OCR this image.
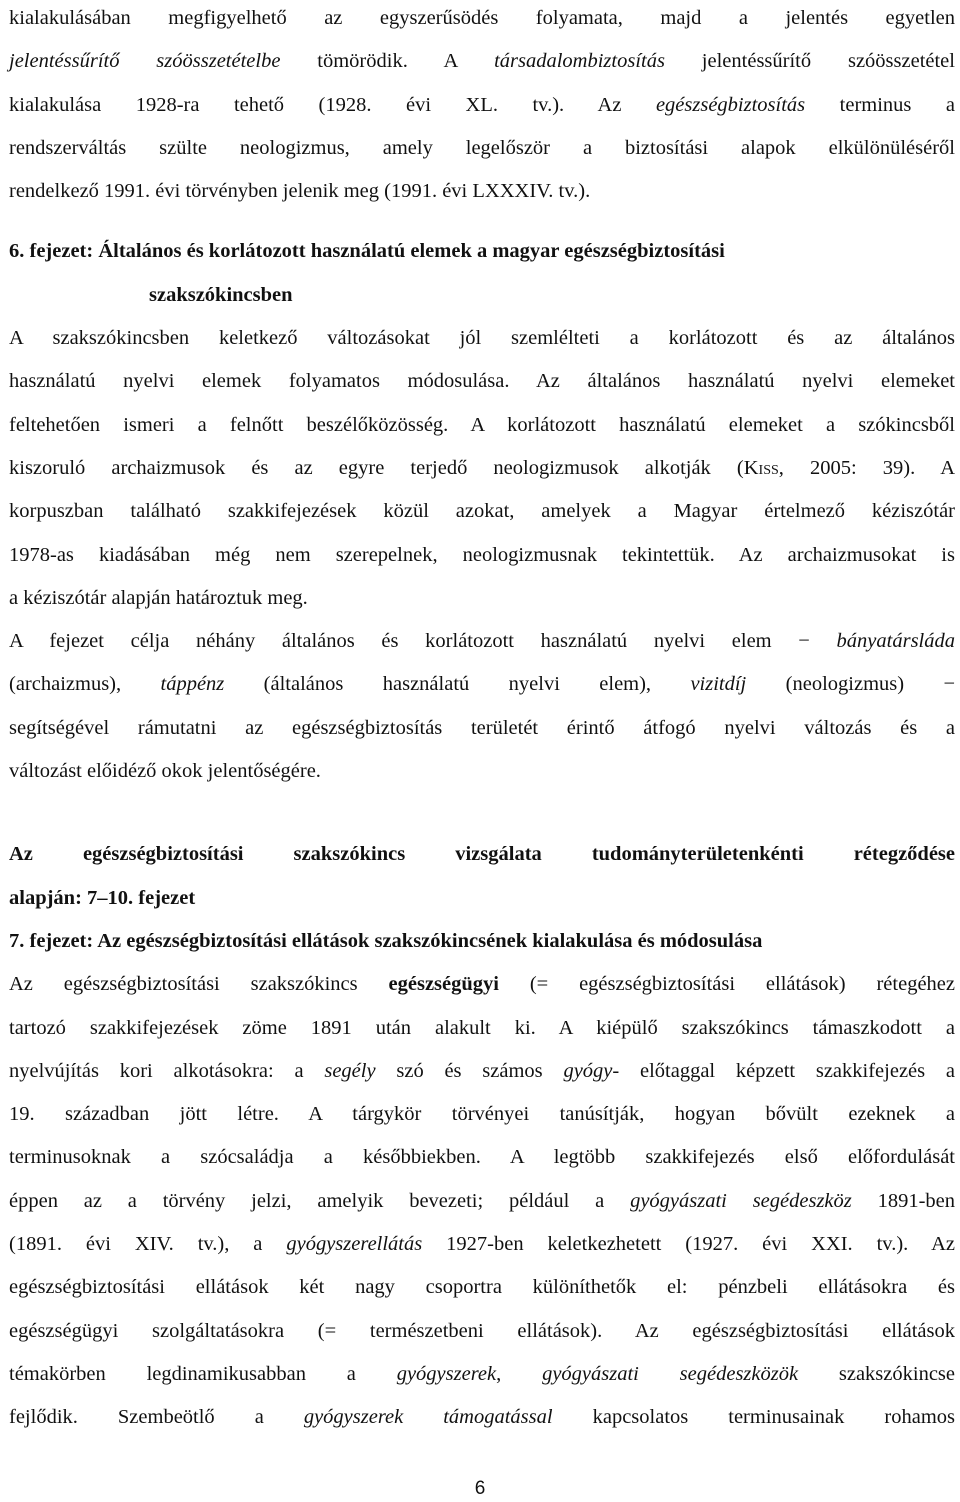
kialakulásában megfigyelhető az egyszerűsödés folyamata, majd a jelentés egyetlen
jelentéssűrítő szóösszetételbe tömörödik. A társadalombiztosítás jelentéssűrítő szóösszetétel
kialakulása 1928-ra tehető (1928. évi XL. tv.). Az egészségbiztosítás terminus a
rendszerváltás szülte neologizmus, amely legelőször a biztosítási alapok elkülönüléséről
rendelkező 1991. évi törvényben jelenik meg (1991. évi LXXXIV. tv.).
6. fejezet: Általános és korlátozott használatú elemek a magyar egészségbiztosítási
szakszókincsben
A szakszókincsben keletkező változásokat jól szemlélteti a korlátozott és az általános
használatú nyelvi elemek folyamatos módosulása. Az általános használatú nyelvi elemeket
feltehetően ismeri a felnőtt beszélőközösség. A korlátozott használatú elemeket a szókincsből
kiszoruló archaizmusok és az egyre terjedő neologizmusok alkotják (Kiss, 2005: 39). A
korpuszban található szakkifejezések közül azokat, amelyek a Magyar értelmező kéziszótár
1978-as kiadásában még nem szerepelnek, neologizmusnak tekintettük. Az archaizmusokat is
a kéziszótár alapján határoztuk meg.
A fejezet célja néhány általános és korlátozott használatú nyelvi elem − bányatársláda
(archaizmus), táppénz (általános használatú nyelvi elem), vizitdíj (neologizmus) −
segítségével rámutatni az egészségbiztosítás területét érintő átfogó nyelvi változás és a
változást előidéző okok jelentőségére.
Az egészségbiztosítási szakszókincs vizsgálata tudományterületenkénti rétegződése
alapján: 7–10. fejezet
7. fejezet: Az egészségbiztosítási ellátások szakszókincsének kialakulása és módosulása
Az egészségbiztosítási szakszókincs egészségügyi (= egészségbiztosítási ellátások) rétegéhez
tartozó szakkifejezések zöme 1891 után alakult ki. A kiépülő szakszókincs támaszkodott a
nyelvújítás kori alkotásokra: a segély szó és számos gyógy- előtaggal képzett szakkifejezés a
19. században jött létre. A tárgykör törvényei tanúsítják, hogyan bővült ezeknek a
terminusoknak a szócsaládja a későbbiekben. A legtöbb szakkifejezés első előfordulását
éppen az a törvény jelzi, amelyik bevezeti; például a gyógyászati segédeszköz 1891-ben
(1891. évi XIV. tv.), a gyógyszerellátás 1927-ben keletkezhetett (1927. évi XXI. tv.). Az
egészségbiztosítási ellátások két nagy csoportra különíthetők el: pénzbeli ellátásokra és
egészségügyi szolgáltatásokra (= természetbeni ellátások). Az egészségbiztosítási ellátások
témakörben legdinamikusabban a gyógyszerek, gyógyászati segédeszközök szakszókincse
fejlődik. Szembeötlő a gyógyszerek támogatással kapcsolatos terminusainak rohamos
6
